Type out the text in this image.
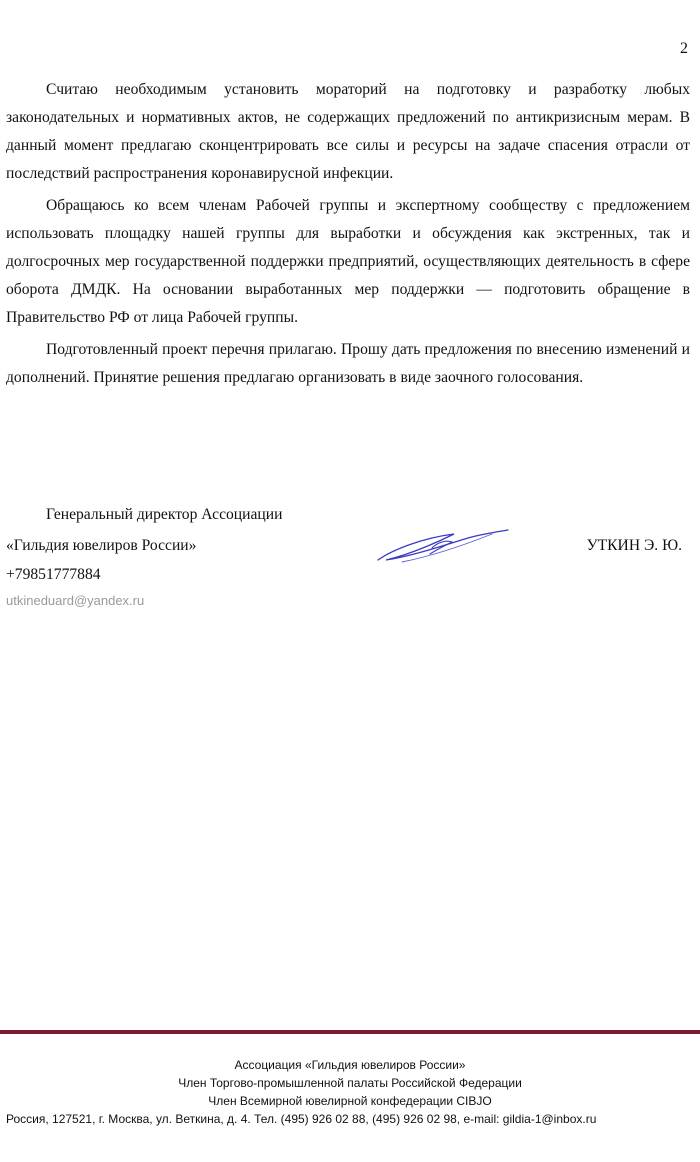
2

Считаю необходимым установить мораторий на подготовку и разработку любых законодательных и нормативных актов, не содержащих предложений по антикризисным мерам. В данный момент предлагаю сконцентрировать все силы и ресурсы на задаче спасения отрасли от последствий распространения коронавирусной инфекции.

Обращаюсь ко всем членам Рабочей группы и экспертному сообществу с предложением использовать площадку нашей группы для выработки и обсуждения как экстренных, так и долгосрочных мер государственной поддержки предприятий, осуществляющих деятельность в сфере оборота ДМДК. На основании выработанных мер поддержки — подготовить обращение в Правительство РФ от лица Рабочей группы.

Подготовленный проект перечня прилагаю. Прошу дать предложения по внесению изменений и дополнений. Принятие решения предлагаю организовать в виде заочного голосования.

Генеральный директор Ассоциации
«Гильдия ювелиров России»	УТКИН Э. Ю.
+79851777884
utkineduard@yandex.ru
Ассоциация «Гильдия ювелиров России»
Член Торгово-промышленной палаты Российской Федерации
Член Всемирной ювелирной конфедерации CIBJO
Россия, 127521, г. Москва, ул. Веткина, д. 4. Тел. (495) 926 02 88, (495) 926 02 98, e-mail: gildia-1@inbox.ru
